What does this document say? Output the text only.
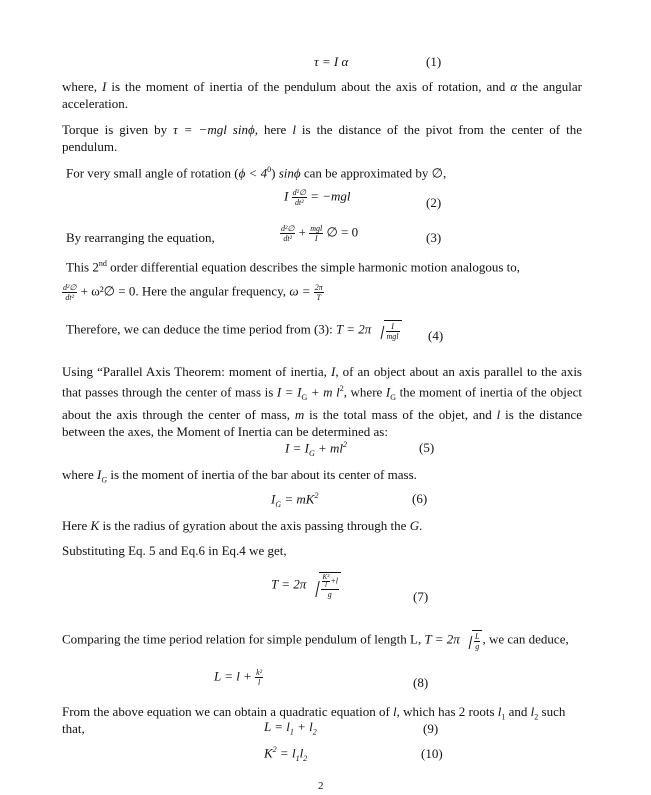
τ = I α	(1)
where, I is the moment of inertia of the pendulum about the axis of rotation, and α the angular acceleration.
Torque is given by τ = −mgl sinϕ, here l is the distance of the pivot from the center of the pendulum.
For very small angle of rotation $(\phi < 4^0)$ sinϕ can be approximated by ∅,
I $\frac{\text{d²∅}}{\text{dt²}} = -mgl$	(2)
By rearranging the equation,	$\frac{\text{d²∅}}{\text{dt²}} + \frac{\text{mgl}}{I}$ ∅ = 0	(3)
This 2nd order differential equation describes the simple harmonic motion analogous to,
$\frac{\text{d²∅}}{\text{dt²}}$ + ω²∅ = 0. Here the angular frequency, $\omega = \frac{2\pi}{T}$
Therefore, we can deduce the time period from (3): $T = 2\pi \frac{I}{\text{mgl}} (4)$
Using “Parallel Axis Theorem: moment of inertia, I, of an object about an axis parallel to the axis that passes through the center of mass is $I = I_G + m$ $l^2$, where $I_G$ the moment of inertia of the object about the axis through the center of mass, m is the total mass of the objet, and l is the distance between the axes, the Moment of Inertia can be determined as:
$I = I_G + ml^2$	(5)
where $I_G$ is the moment of inertia of the bar about its center of mass.
$I_G = mK^2$	(6)
Here K is the radius of gyration about the axis passing through the G.
Substituting Eq. 5 and Eq.6 in Eq.4 we get,
$T = 2\pi \frac{\frac{\text{K²}}{l} +l}{g}$	(7)
Comparing the time period relation for simple pendulum of length L, $T = 2\pi \frac{L}{g}$ , we can deduce,
$L = l + \frac{\text{k²}}{l}$	(8)
From the above equation we can obtain a quadratic equation of l, which has 2 roots $l_1$ and $l_2$ such
that,	$L = l_1 + l_2$	(9)
$K^2 = l_1l_2$	(10)
2
